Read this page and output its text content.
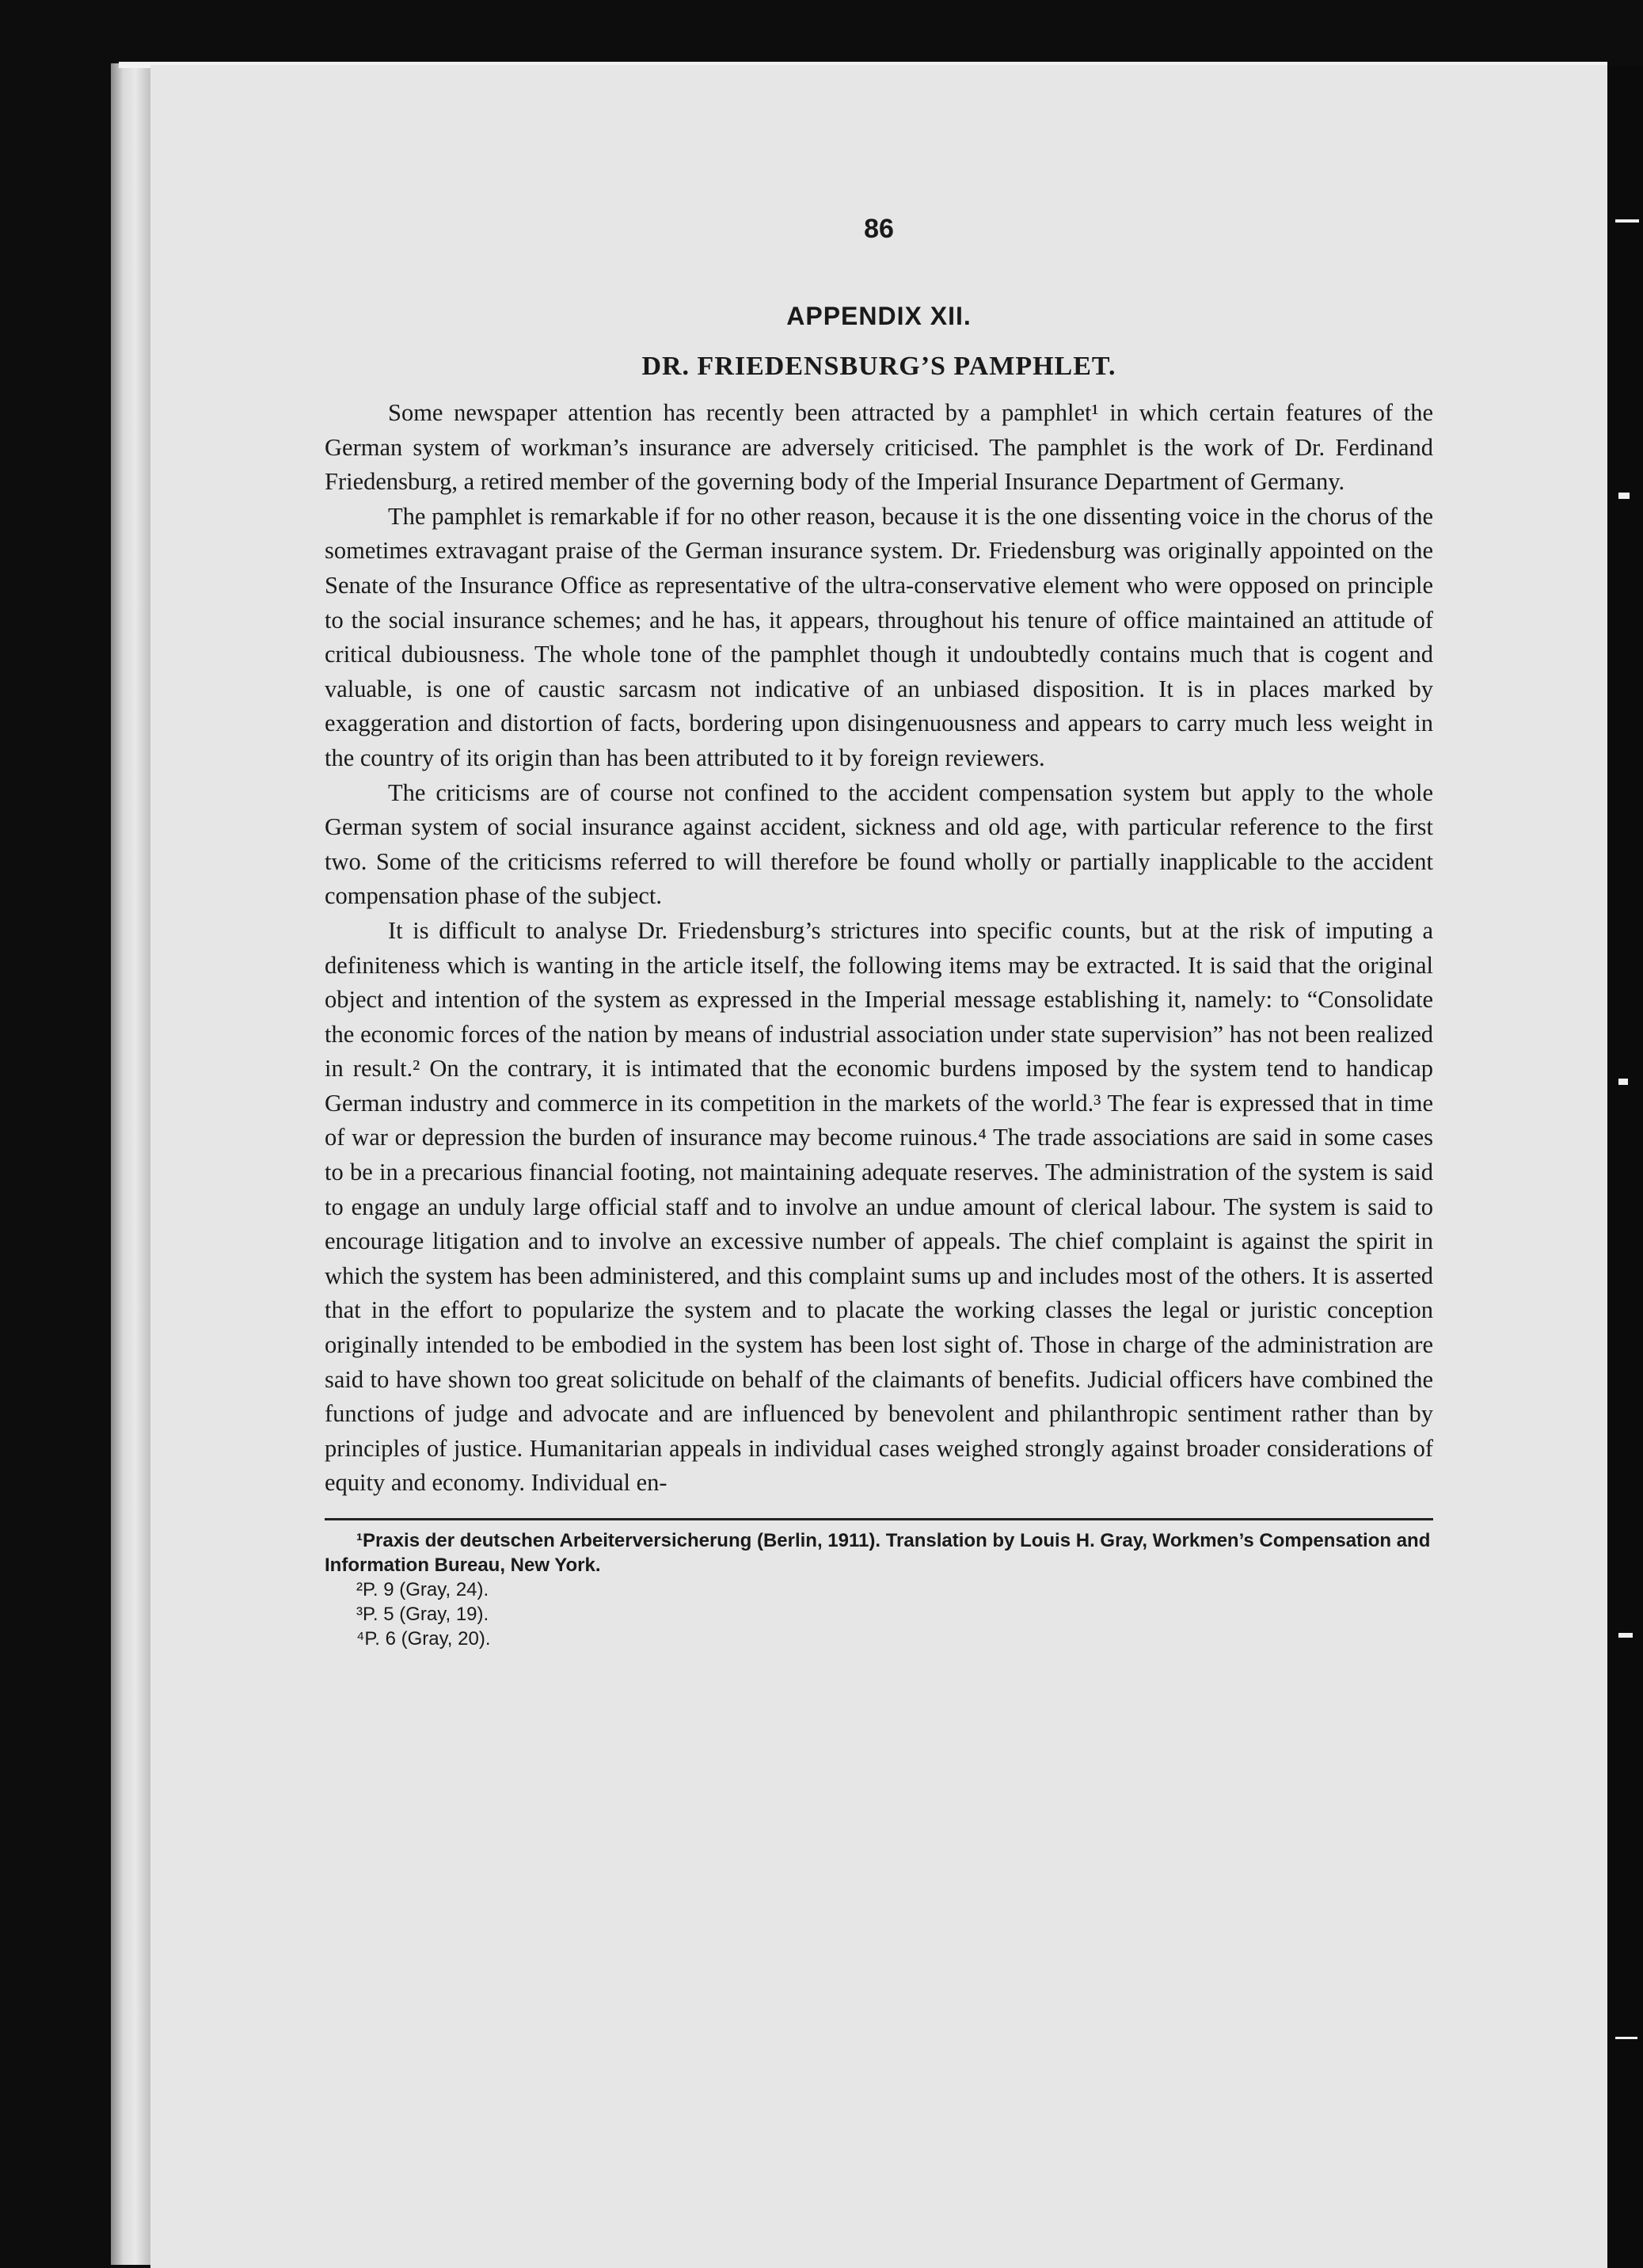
86
APPENDIX XII.
DR. FRIEDENSBURG’S PAMPHLET.

Some newspaper attention has recently been attracted by a pamphlet¹ in which certain features of the German system of workman’s insurance are adversely criticised. The pamphlet is the work of Dr. Ferdinand Friedensburg, a retired member of the governing body of the Imperial Insurance Department of Germany.

The pamphlet is remarkable if for no other reason, because it is the one dissenting voice in the chorus of the sometimes extravagant praise of the German insurance system. Dr. Friedensburg was originally appointed on the Senate of the Insurance Office as representative of the ultra-conservative element who were opposed on principle to the social insurance schemes; and he has, it appears, throughout his tenure of office maintained an attitude of critical dubiousness. The whole tone of the pamphlet though it undoubtedly contains much that is cogent and valuable, is one of caustic sarcasm not indicative of an unbiased disposition. It is in places marked by exaggeration and distortion of facts, bordering upon disingenuousness and appears to carry much less weight in the country of its origin than has been attributed to it by foreign reviewers.

The criticisms are of course not confined to the accident compensation system but apply to the whole German system of social insurance against accident, sickness and old age, with particular reference to the first two. Some of the criticisms referred to will therefore be found wholly or partially inapplicable to the accident compensation phase of the subject.

It is difficult to analyse Dr. Friedensburg’s strictures into specific counts, but at the risk of imputing a definiteness which is wanting in the article itself, the following items may be extracted. It is said that the original object and intention of the system as expressed in the Imperial message establishing it, namely: to “Consolidate the economic forces of the nation by means of industrial association under state supervision” has not been realized in result.² On the contrary, it is intimated that the economic burdens imposed by the system tend to handicap German industry and commerce in its competition in the markets of the world.³ The fear is expressed that in time of war or depression the burden of insurance may become ruinous.⁴ The trade associations are said in some cases to be in a precarious financial footing, not maintaining adequate reserves. The administration of the system is said to engage an unduly large official staff and to involve an undue amount of clerical labour. The system is said to encourage litigation and to involve an excessive number of appeals. The chief complaint is against the spirit in which the system has been administered, and this complaint sums up and includes most of the others. It is asserted that in the effort to popularize the system and to placate the working classes the legal or juristic conception originally intended to be embodied in the system has been lost sight of. Those in charge of the administration are said to have shown too great solicitude on behalf of the claimants of benefits. Judicial officers have combined the functions of judge and advocate and are influenced by benevolent and philanthropic sentiment rather than by principles of justice. Humanitarian appeals in individual cases weighed strongly against broader considerations of equity and economy. Individual en-

¹Praxis der deutschen Arbeiterversicherung (Berlin, 1911). Translation by Louis H. Gray, Workmen’s Compensation and Information Bureau, New York.
²P. 9 (Gray, 24).
³P. 5 (Gray, 19).
⁴P. 6 (Gray, 20).
